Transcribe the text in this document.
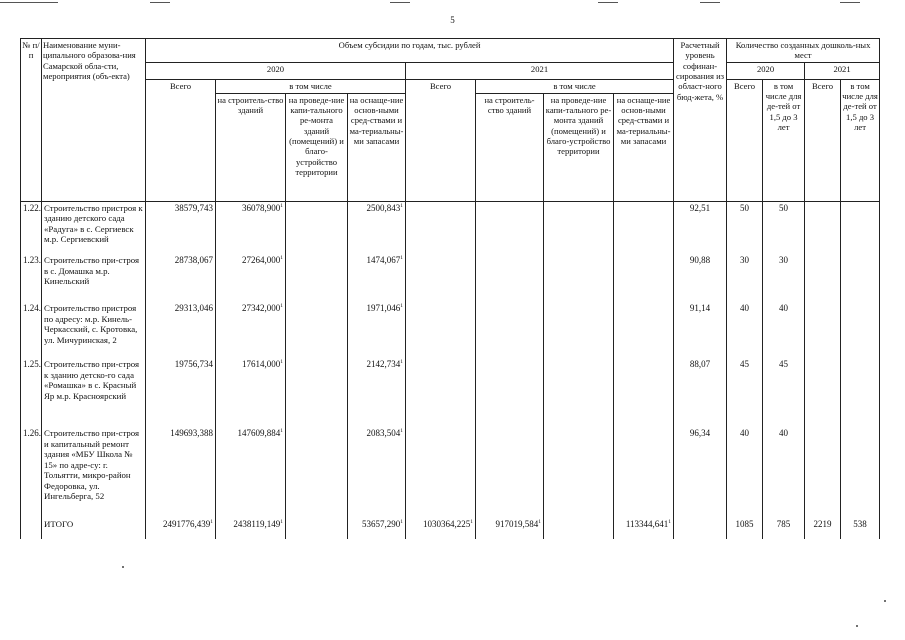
5
№ п/п	Наименование муни-ципального образова-ния Самарской обла-сти, мероприятия (объ-екта)	Объем субсидии по годам, тыс. рублей								Расчетный уровень софинан-сирования из област-ного бюд-жета, %	Количество созданных дошколь-ных мест			
		2020				2021					2020		2021	
		Всего	в том числе			Всего	в том числе				Всего	в том числе для де-тей от 1,5 до 3 лет	Всего	в том числе для де-тей от 1,5 до 3 лет
			на строитель-ство зданий	на проведе-ние капи-тального ре-монта зданий (помещений) и благо-устройство территории	на оснаще-ние основ-ными сред-ствами и ма-териальны-ми запасами		на строитель-ство зданий	на проведе-ние капи-тального ре-монта зданий (помещений) и благо-устройство территории	на оснаще-ние основ-ными сред-ствами и ма-териальны-ми запасами					
1.22.	Строительство пристроя к зданию детского сада «Радуга» в с. Сергиевск м.р. Сергиевский	38579,743	36078,900$^1$		2500,843$^1$					92,51	50	50		
1.23.	Строительство при-строя в с. Домашка м.р. Кинельский	28738,067	27264,000$^1$		1474,067$^1$					90,88	30	30		
1.24.	Строительство пристроя по адресу: м.р. Кинель-Черкасский, с. Кротовка, ул. Мичуринская, 2	29313,046	27342,000$^1$		1971,046$^1$					91,14	40	40		
1.25.	Строительство при-строя к зданию детско-го сада «Ромашка» в с. Красный Яр м.р. Красноярский	19756,734	17614,000$^1$		2142,734$^1$					88,07	45	45		
1.26.	Строительство при-строя и капитальный ремонт здания «МБУ Школа № 15» по адре-су: г. Тольятти, микро-район Федоровка, ул. Ингельберга, 52	149693,388	147609,884$^1$		2083,504$^1$					96,34	40	40		
	ИТОГО	2491776,439$^1$	2438119,149$^1$		53657,290$^1$	1030364,225$^1$	917019,584$^1$		113344,641$^1$		1085	785	2219	538
